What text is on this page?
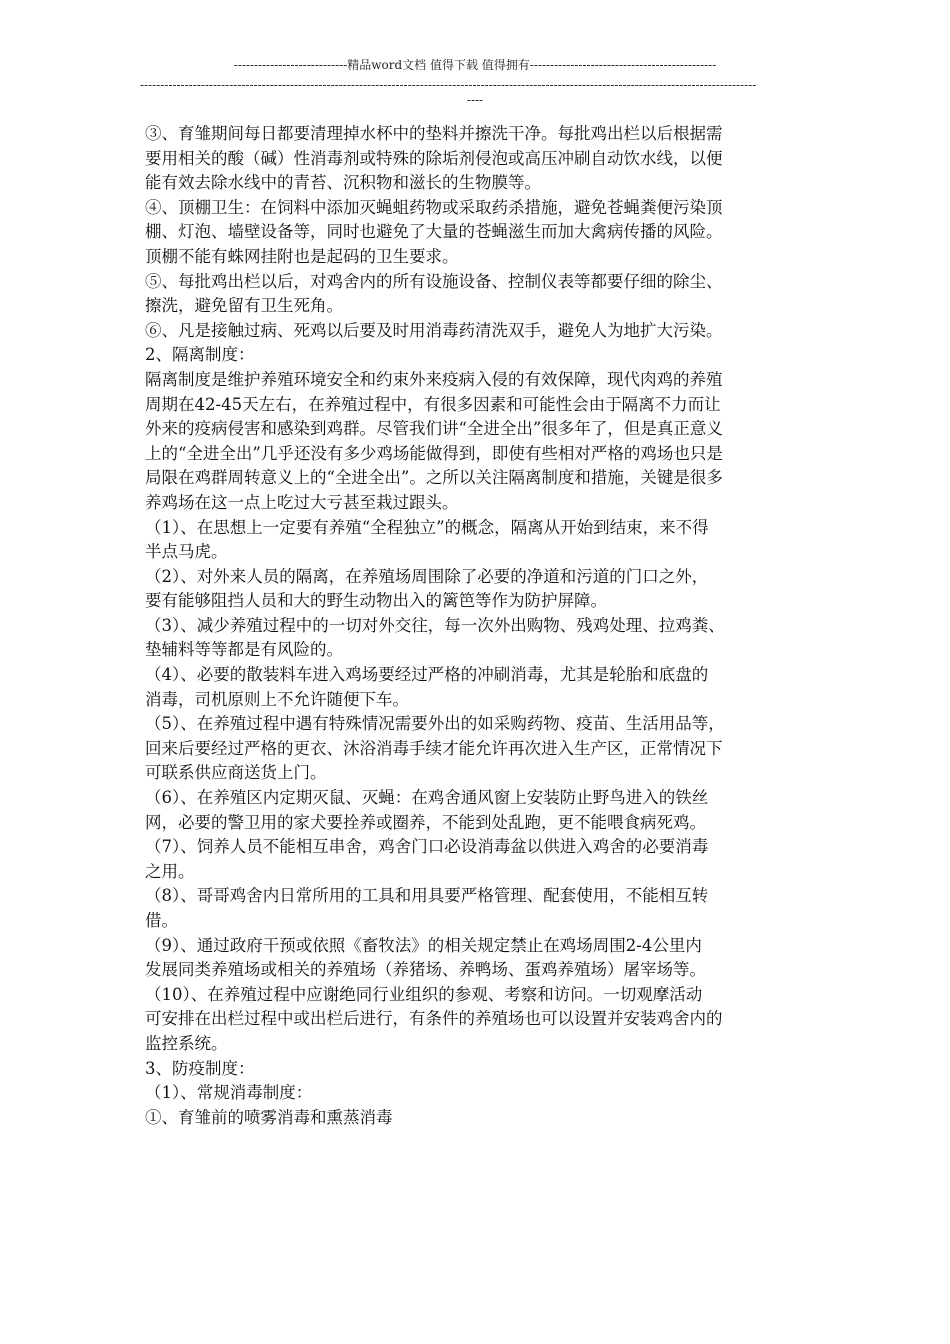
----------------------------精品word文档 值得下载 值得拥有----------------------------------------------
--------------------------------------------------------------------------------------------------------------------------------------------------------
----

③、育雏期间每日都要清理掉水杯中的垫料并擦洗干净。每批鸡出栏以后根据需

要用相关的酸（碱）性消毒剂或特殊的除垢剂侵泡或高压冲刷自动饮水线，以便

能有效去除水线中的青苔、沉积物和滋长的生物膜等。

④、顶棚卫生：在饲料中添加灭蝇蛆药物或采取药杀措施，避免苍蝇粪便污染顶

棚、灯泡、墙壁设备等，同时也避免了大量的苍蝇滋生而加大禽病传播的风险。

顶棚不能有蛛网挂附也是起码的卫生要求。

⑤、每批鸡出栏以后，对鸡舍内的所有设施设备、控制仪表等都要仔细的除尘、

擦洗，避免留有卫生死角。

⑥、凡是接触过病、死鸡以后要及时用消毒药清洗双手，避免人为地扩大污染。

2、隔离制度：

隔离制度是维护养殖环境安全和约束外来疫病入侵的有效保障，现代肉鸡的养殖

周期在42-45天左右，在养殖过程中，有很多因素和可能性会由于隔离不力而让

外来的疫病侵害和感染到鸡群。尽管我们讲“全进全出”很多年了，但是真正意义

上的“全进全出”几乎还没有多少鸡场能做得到，即使有些相对严格的鸡场也只是

局限在鸡群周转意义上的“全进全出”。之所以关注隔离制度和措施，关键是很多

养鸡场在这一点上吃过大亏甚至栽过跟头。

（1）、在思想上一定要有养殖“全程独立”的概念，隔离从开始到结束，来不得

半点马虎。

（2）、对外来人员的隔离，在养殖场周围除了必要的净道和污道的门口之外，

要有能够阻挡人员和大的野生动物出入的篱笆等作为防护屏障。

（3）、减少养殖过程中的一切对外交往，每一次外出购物、残鸡处理、拉鸡粪、

垫辅料等等都是有风险的。

（4）、必要的散装料车进入鸡场要经过严格的冲刷消毒，尤其是轮胎和底盘的

消毒，司机原则上不允许随便下车。

（5）、在养殖过程中遇有特殊情况需要外出的如采购药物、疫苗、生活用品等，

回来后要经过严格的更衣、沐浴消毒手续才能允许再次进入生产区，正常情况下

可联系供应商送货上门。

（6）、在养殖区内定期灭鼠、灭蝇：在鸡舍通风窗上安装防止野鸟进入的铁丝

网，必要的警卫用的家犬要拴养或圈养，不能到处乱跑，更不能喂食病死鸡。

（7）、饲养人员不能相互串舍，鸡舍门口必设消毒盆以供进入鸡舍的必要消毒

之用。

（8）、哥哥鸡舍内日常所用的工具和用具要严格管理、配套使用，不能相互转

借。

（9）、通过政府干预或依照《畜牧法》的相关规定禁止在鸡场周围2-4公里内

发展同类养殖场或相关的养殖场（养猪场、养鸭场、蛋鸡养殖场）屠宰场等。

（10）、在养殖过程中应谢绝同行业组织的参观、考察和访问。一切观摩活动

可安排在出栏过程中或出栏后进行，有条件的养殖场也可以设置并安装鸡舍内的

监控系统。

3、防疫制度：

（1）、常规消毒制度：

①、育雏前的喷雾消毒和熏蒸消毒
